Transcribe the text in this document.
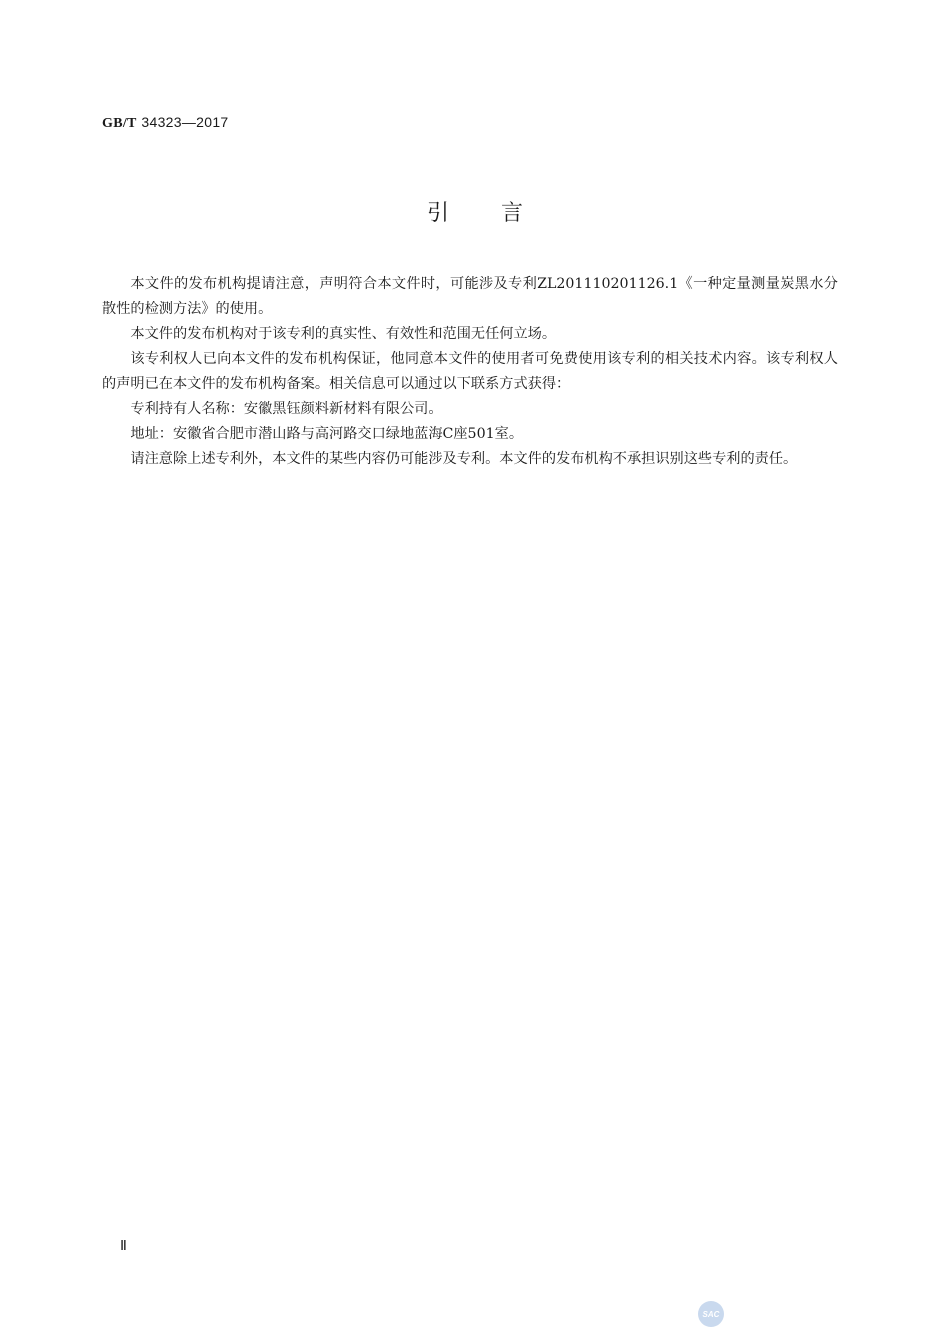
GB/T 34323—2017
引言

本文件的发布机构提请注意，声明符合本文件时，可能涉及专利ZL201110201126.1《一种定量测量炭黑水分散性的检测方法》的使用。

本文件的发布机构对于该专利的真实性、有效性和范围无任何立场。

该专利权人已向本文件的发布机构保证，他同意本文件的使用者可免费使用该专利的相关技术内容。该专利权人的声明已在本文件的发布机构备案。相关信息可以通过以下联系方式获得：

专利持有人名称：安徽黑钰颜料新材料有限公司。

地址：安徽省合肥市潜山路与高河路交口绿地蓝海C座501室。

请注意除上述专利外，本文件的某些内容仍可能涉及专利。本文件的发布机构不承担识别这些专利的责任。

Ⅱ
SAC
